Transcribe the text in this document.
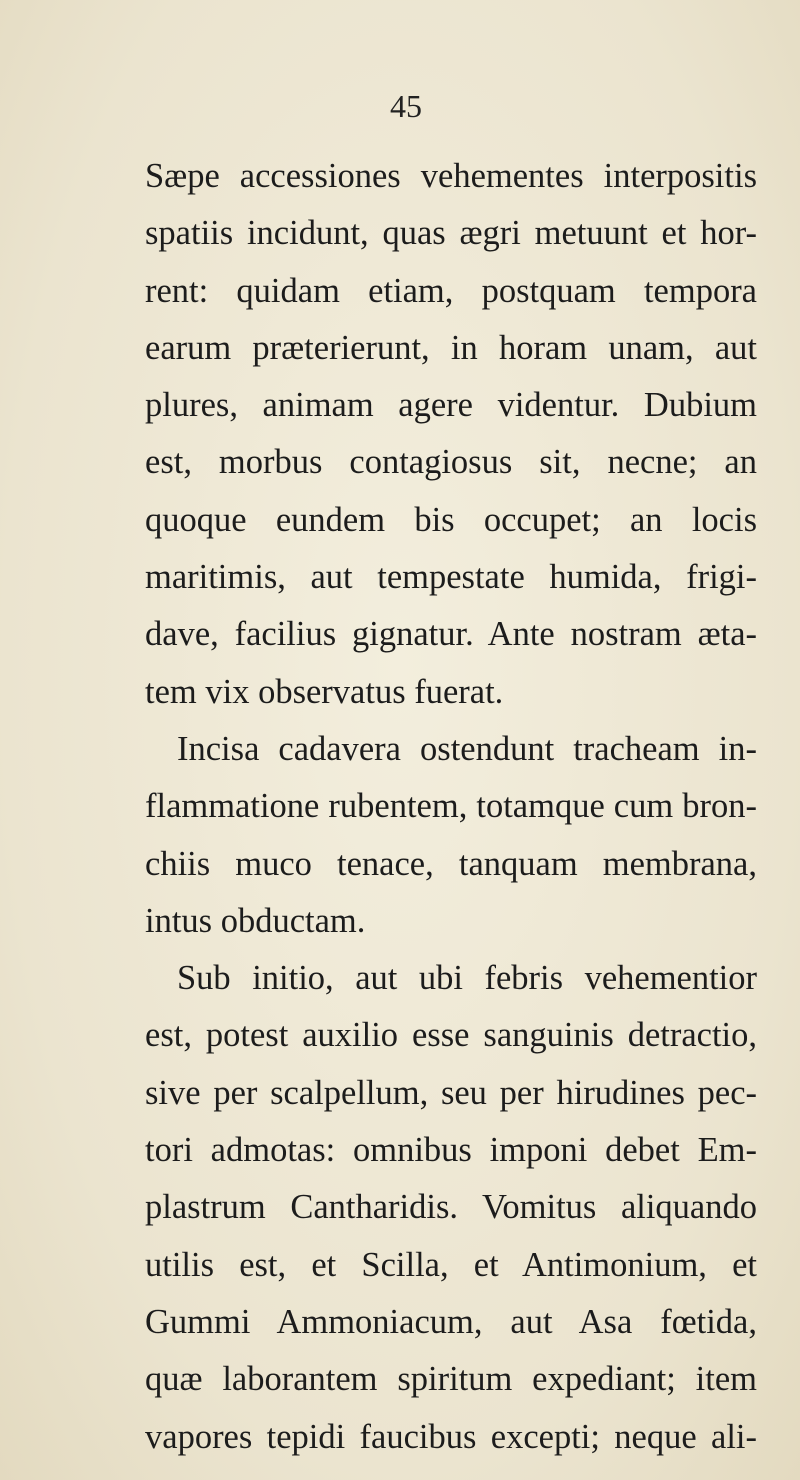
45
Sæpe accessiones vehementes interpositis
spatiis incidunt, quas ægri metuunt et hor-
rent: quidam etiam, postquam tempora
earum præterierunt, in horam unam, aut
plures, animam agere videntur. Dubium
est, morbus contagiosus sit, necne; an
quoque eundem bis occupet; an locis
maritimis, aut tempestate humida, frigi-
dave, facilius gignatur. Ante nostram æta-
tem vix observatus fuerat.
Incisa cadavera ostendunt tracheam in-
flammatione rubentem, totamque cum bron-
chiis muco tenace, tanquam membrana,
intus obductam.
Sub initio, aut ubi febris vehementior
est, potest auxilio esse sanguinis detractio,
sive per scalpellum, seu per hirudines pec-
tori admotas: omnibus imponi debet Em-
plastrum Cantharidis. Vomitus aliquando
utilis est, et Scilla, et Antimonium, et
Gummi Ammoniacum, aut Asa fœtida,
quæ laborantem spiritum expediant; item
vapores tepidi faucibus excepti; neque ali-
